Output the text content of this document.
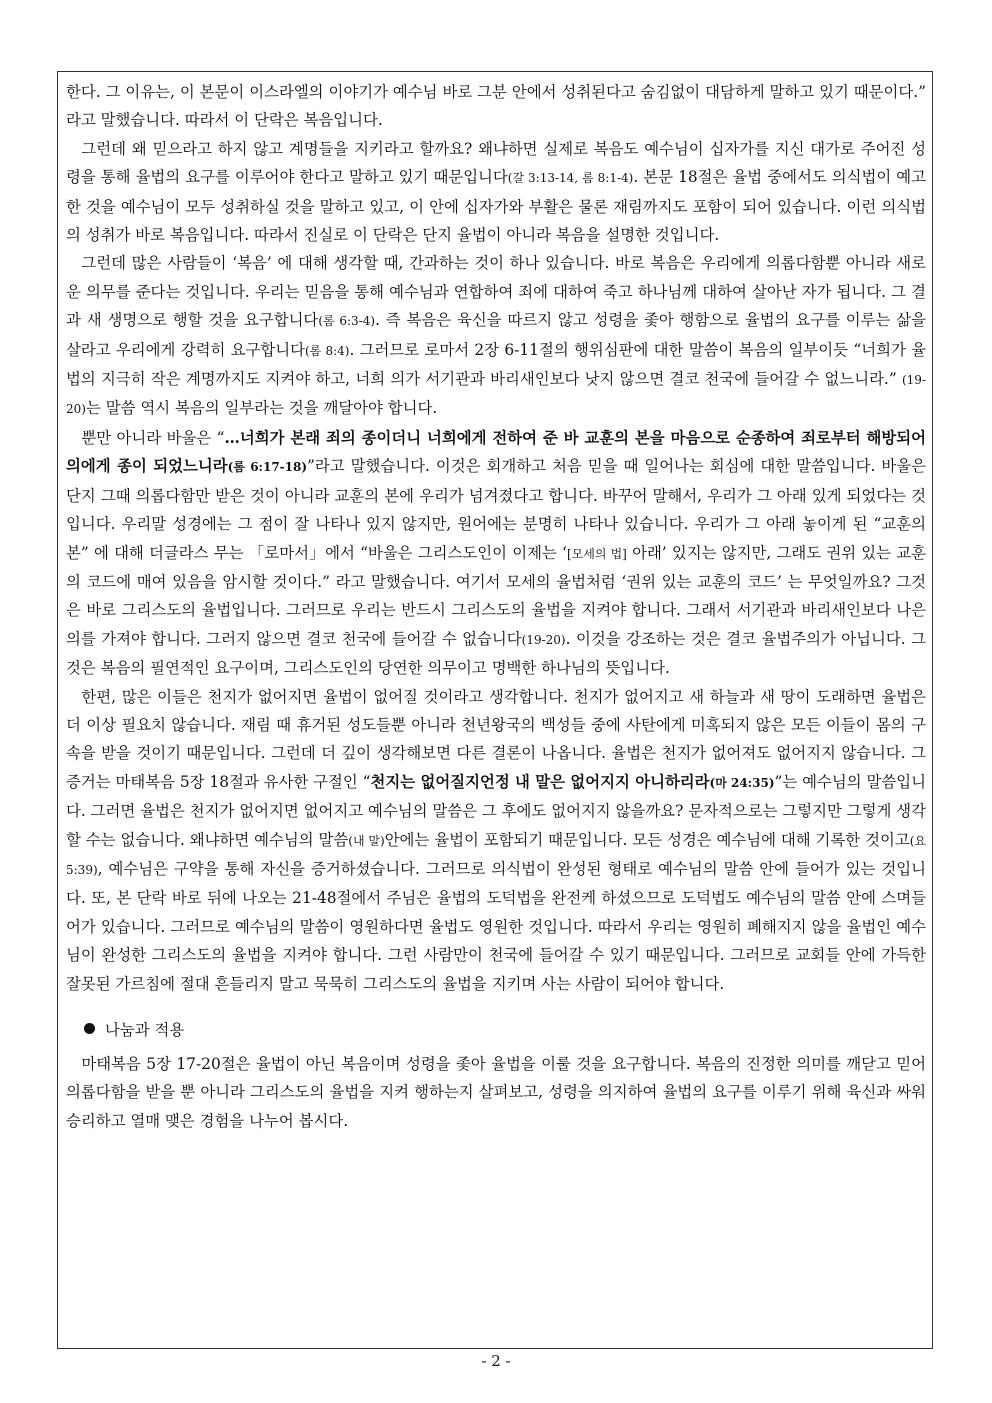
한다. 그 이유는, 이 본문이 이스라엘의 이야기가 예수님 바로 그분 안에서 성취된다고 숨김없이 대담하게 말하고 있기 때문이다.” 라고 말했습니다. 따라서 이 단락은 복음입니다.

그런데 왜 믿으라고 하지 않고 계명들을 지키라고 할까요? 왜냐하면 실제로 복음도 예수님이 십자가를 지신 대가로 주어진 성령을 통해 율법의 요구를 이루어야 한다고 말하고 있기 때문입니다(갈 3:13-14, 롬 8:1-4). 본문 18절은 율법 중에서도 의식법이 예고한 것을 예수님이 모두 성취하실 것을 말하고 있고, 이 안에 십자가와 부활은 물론 재림까지도 포함이 되어 있습니다. 이런 의식법의 성취가 바로 복음입니다. 따라서 진실로 이 단락은 단지 율법이 아니라 복음을 설명한 것입니다.

그런데 많은 사람들이 ‘복음’ 에 대해 생각할 때, 간과하는 것이 하나 있습니다. 바로 복음은 우리에게 의롭다함뿐 아니라 새로운 의무를 준다는 것입니다. 우리는 믿음을 통해 예수님과 연합하여 죄에 대하여 죽고 하나님께 대하여 살아난 자가 됩니다. 그 결과 새 생명으로 행할 것을 요구합니다(롬 6:3-4). 즉 복음은 육신을 따르지 않고 성령을 좇아 행함으로 율법의 요구를 이루는 삶을 살라고 우리에게 강력히 요구합니다(롬 8:4). 그러므로 로마서 2장 6-11절의 행위심판에 대한 말씀이 복음의 일부이듯 “너희가 율법의 지극히 작은 계명까지도 지켜야 하고, 너희 의가 서기관과 바리새인보다 낫지 않으면 결코 천국에 들어갈 수 없느니라.” (19-20)는 말씀 역시 복음의 일부라는 것을 깨달아야 합니다.

뿐만 아니라 바울은 “…너희가 본래 죄의 종이더니 너희에게 전하여 준 바 교훈의 본을 마음으로 순종하여 죄로부터 해방되어 의에게 종이 되었느니라(롬 6:17-18)”라고 말했습니다. 이것은 회개하고 처음 믿을 때 일어나는 회심에 대한 말씀입니다. 바울은 단지 그때 의롭다함만 받은 것이 아니라 교훈의 본에 우리가 넘겨졌다고 합니다. 바꾸어 말해서, 우리가 그 아래 있게 되었다는 것입니다. 우리말 성경에는 그 점이 잘 나타나 있지 않지만, 원어에는 분명히 나타나 있습니다. 우리가 그 아래 놓이게 된 “교훈의 본” 에 대해 더글라스 무는 「로마서」에서 “바울은 그리스도인이 이제는 ‘[모세의 법] 아래’ 있지는 않지만, 그래도 권위 있는 교훈의 코드에 매여 있음을 암시할 것이다.” 라고 말했습니다. 여기서 모세의 율법처럼 ‘권위 있는 교훈의 코드’ 는 무엇일까요? 그것은 바로 그리스도의 율법입니다. 그러므로 우리는 반드시 그리스도의 율법을 지켜야 합니다. 그래서 서기관과 바리새인보다 나은 의를 가져야 합니다. 그러지 않으면 결코 천국에 들어갈 수 없습니다(19-20). 이것을 강조하는 것은 결코 율법주의가 아닙니다. 그것은 복음의 필연적인 요구이며, 그리스도인의 당연한 의무이고 명백한 하나님의 뜻입니다.

한편, 많은 이들은 천지가 없어지면 율법이 없어질 것이라고 생각합니다. 천지가 없어지고 새 하늘과 새 땅이 도래하면 율법은 더 이상 필요치 않습니다. 재림 때 휴거된 성도들뿐 아니라 천년왕국의 백성들 중에 사탄에게 미혹되지 않은 모든 이들이 몸의 구속을 받을 것이기 때문입니다. 그런데 더 깊이 생각해보면 다른 결론이 나옵니다. 율법은 천지가 없어져도 없어지지 않습니다. 그 증거는 마태복음 5장 18절과 유사한 구절인 “천지는 없어질지언정 내 말은 없어지지 아니하리라(마 24:35)”는 예수님의 말씀입니다. 그러면 율법은 천지가 없어지면 없어지고 예수님의 말씀은 그 후에도 없어지지 않을까요? 문자적으로는 그렇지만 그렇게 생각할 수는 없습니다. 왜냐하면 예수님의 말씀(내 말)안에는 율법이 포함되기 때문입니다. 모든 성경은 예수님에 대해 기록한 것이고(요 5:39), 예수님은 구약을 통해 자신을 증거하셨습니다. 그러므로 의식법이 완성된 형태로 예수님의 말씀 안에 들어가 있는 것입니다. 또, 본 단락 바로 뒤에 나오는 21-48절에서 주님은 율법의 도덕법을 완전케 하셨으므로 도덕법도 예수님의 말씀 안에 스며들어가 있습니다. 그러므로 예수님의 말씀이 영원하다면 율법도 영원한 것입니다. 따라서 우리는 영원히 폐해지지 않을 율법인 예수님이 완성한 그리스도의 율법을 지켜야 합니다. 그런 사람만이 천국에 들어갈 수 있기 때문입니다. 그러므로 교회들 안에 가득한 잘못된 가르침에 절대 흔들리지 말고 묵묵히 그리스도의 율법을 지키며 사는 사람이 되어야 합니다.

나눔과 적용

마태복음 5장 17-20절은 율법이 아닌 복음이며 성령을 좇아 율법을 이룰 것을 요구합니다. 복음의 진정한 의미를 깨닫고 믿어 의롭다함을 받을 뿐 아니라 그리스도의 율법을 지켜 행하는지 살펴보고, 성령을 의지하여 율법의 요구를 이루기 위해 육신과 싸워 승리하고 열매 맺은 경험을 나누어 봅시다.

- 2 -
